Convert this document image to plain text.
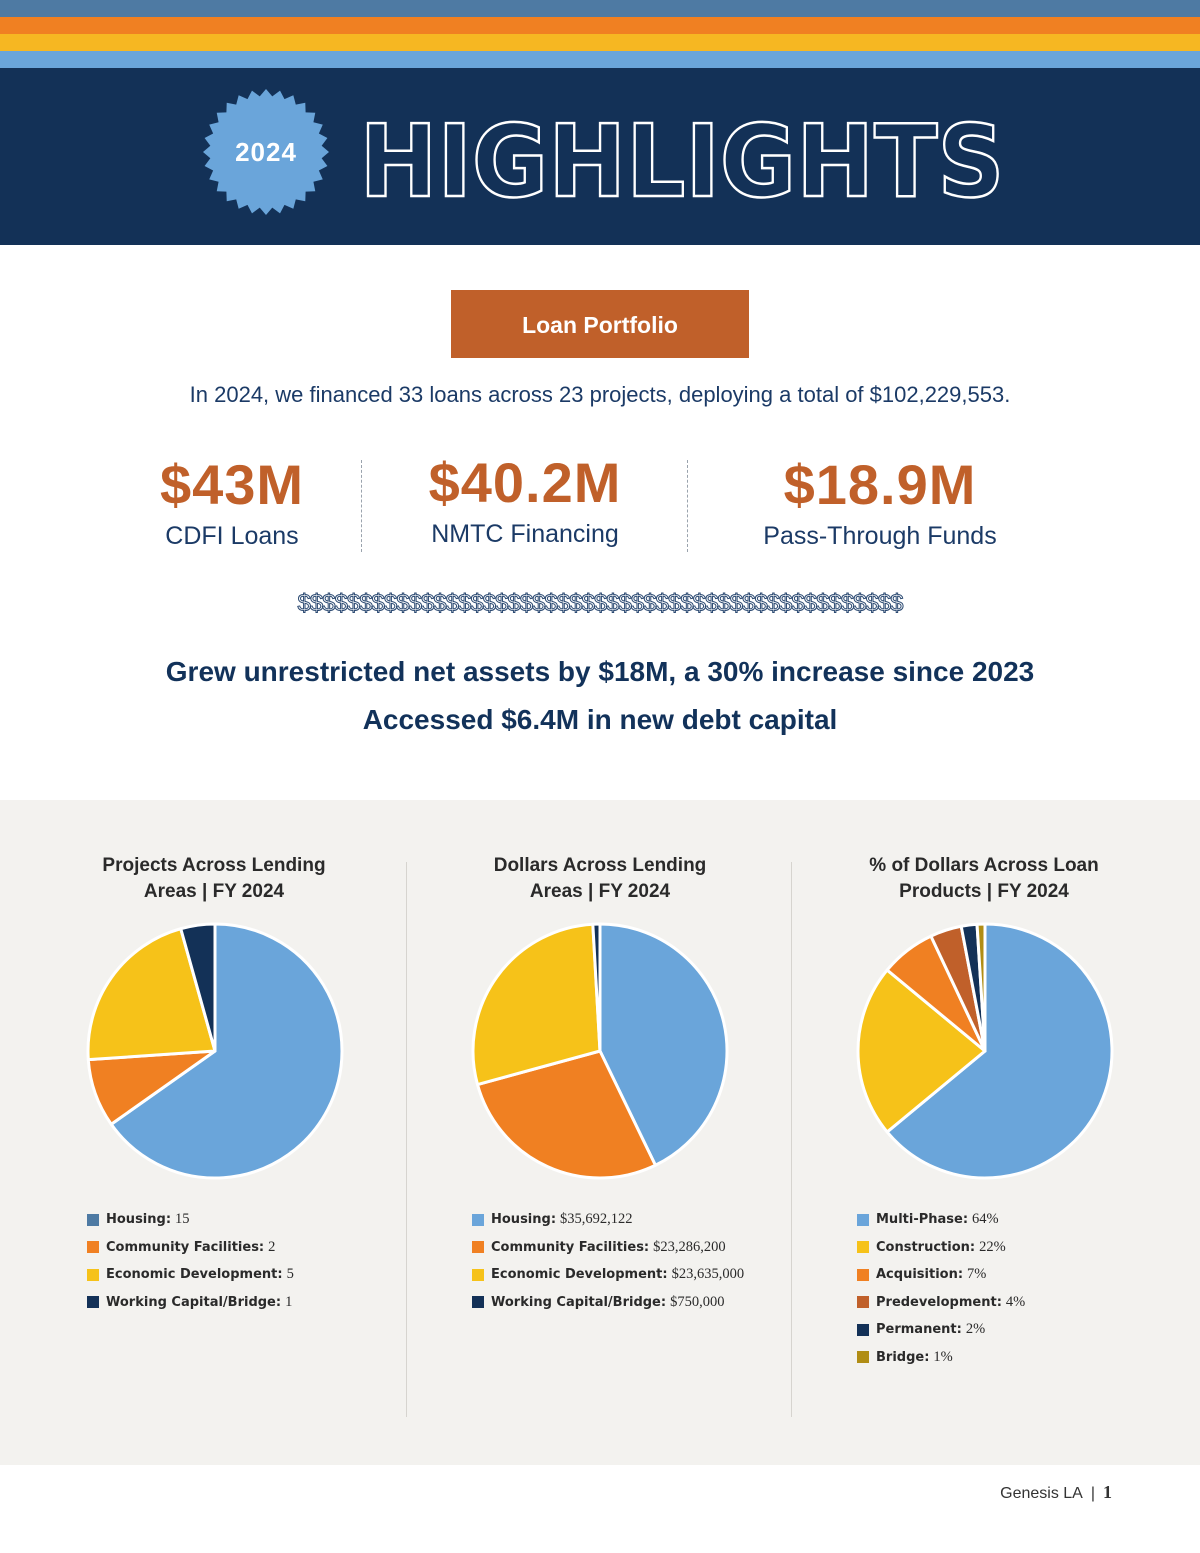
2024 HIGHLIGHTS
Loan Portfolio
In 2024, we financed 33 loans across 23 projects, deploying a total of $102,229,553.
$43M
CDFI Loans
$40.2M
NMTC Financing
$18.9M
Pass-Through Funds
$$$$$$$$$$$$$$$$$$$$$$$$$$$$$$$$$$$$$$$$$$$$$$$$$
Grew unrestricted net assets by $18M, a 30% increase since 2023
Accessed $6.4M in new debt capital
Projects Across Lending
Areas | FY 2024
Dollars Across Lending
Areas | FY 2024
% of Dollars Across Loan
Products | FY 2024
Housing: 15
Community Facilities: 2
Economic Development: 5
Working Capital/Bridge: 1
Housing: $35,692,122
Community Facilities: $23,286,200
Economic Development: $23,635,000
Working Capital/Bridge: $750,000
Multi-Phase: 64%
Construction: 22%
Acquisition: 7%
Predevelopment: 4%
Permanent: 2%
Bridge: 1%
Genesis LA | 1
